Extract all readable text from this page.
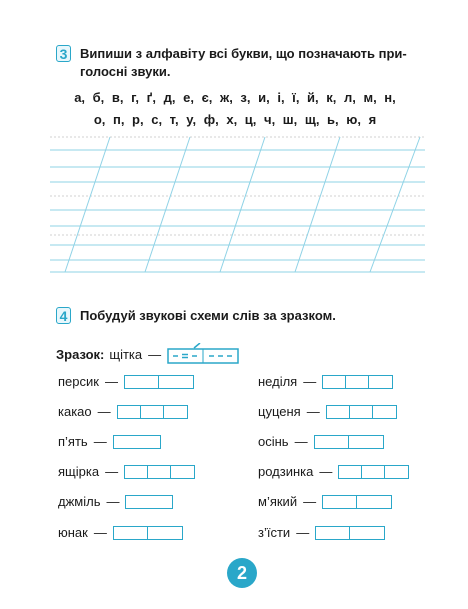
3 Випиши з алфавіту всі букви, що позначають при-
голосні звуки.
а, б, в, г, ґ, д, е, є, ж, з, и, і, ї, й, к, л, м, н,
о, п, р, с, т, у, ф, х, ц, ч, ш, щ, ь, ю, я
4 Побудуй звукові схеми слів за зразком.
Зразок: щітка —
персик —
какао —
п’ять —
ящірка —
джміль —
юнак —
неділя —
цуценя —
осінь —
родзинка —
м’який —
з’їсти —
2
